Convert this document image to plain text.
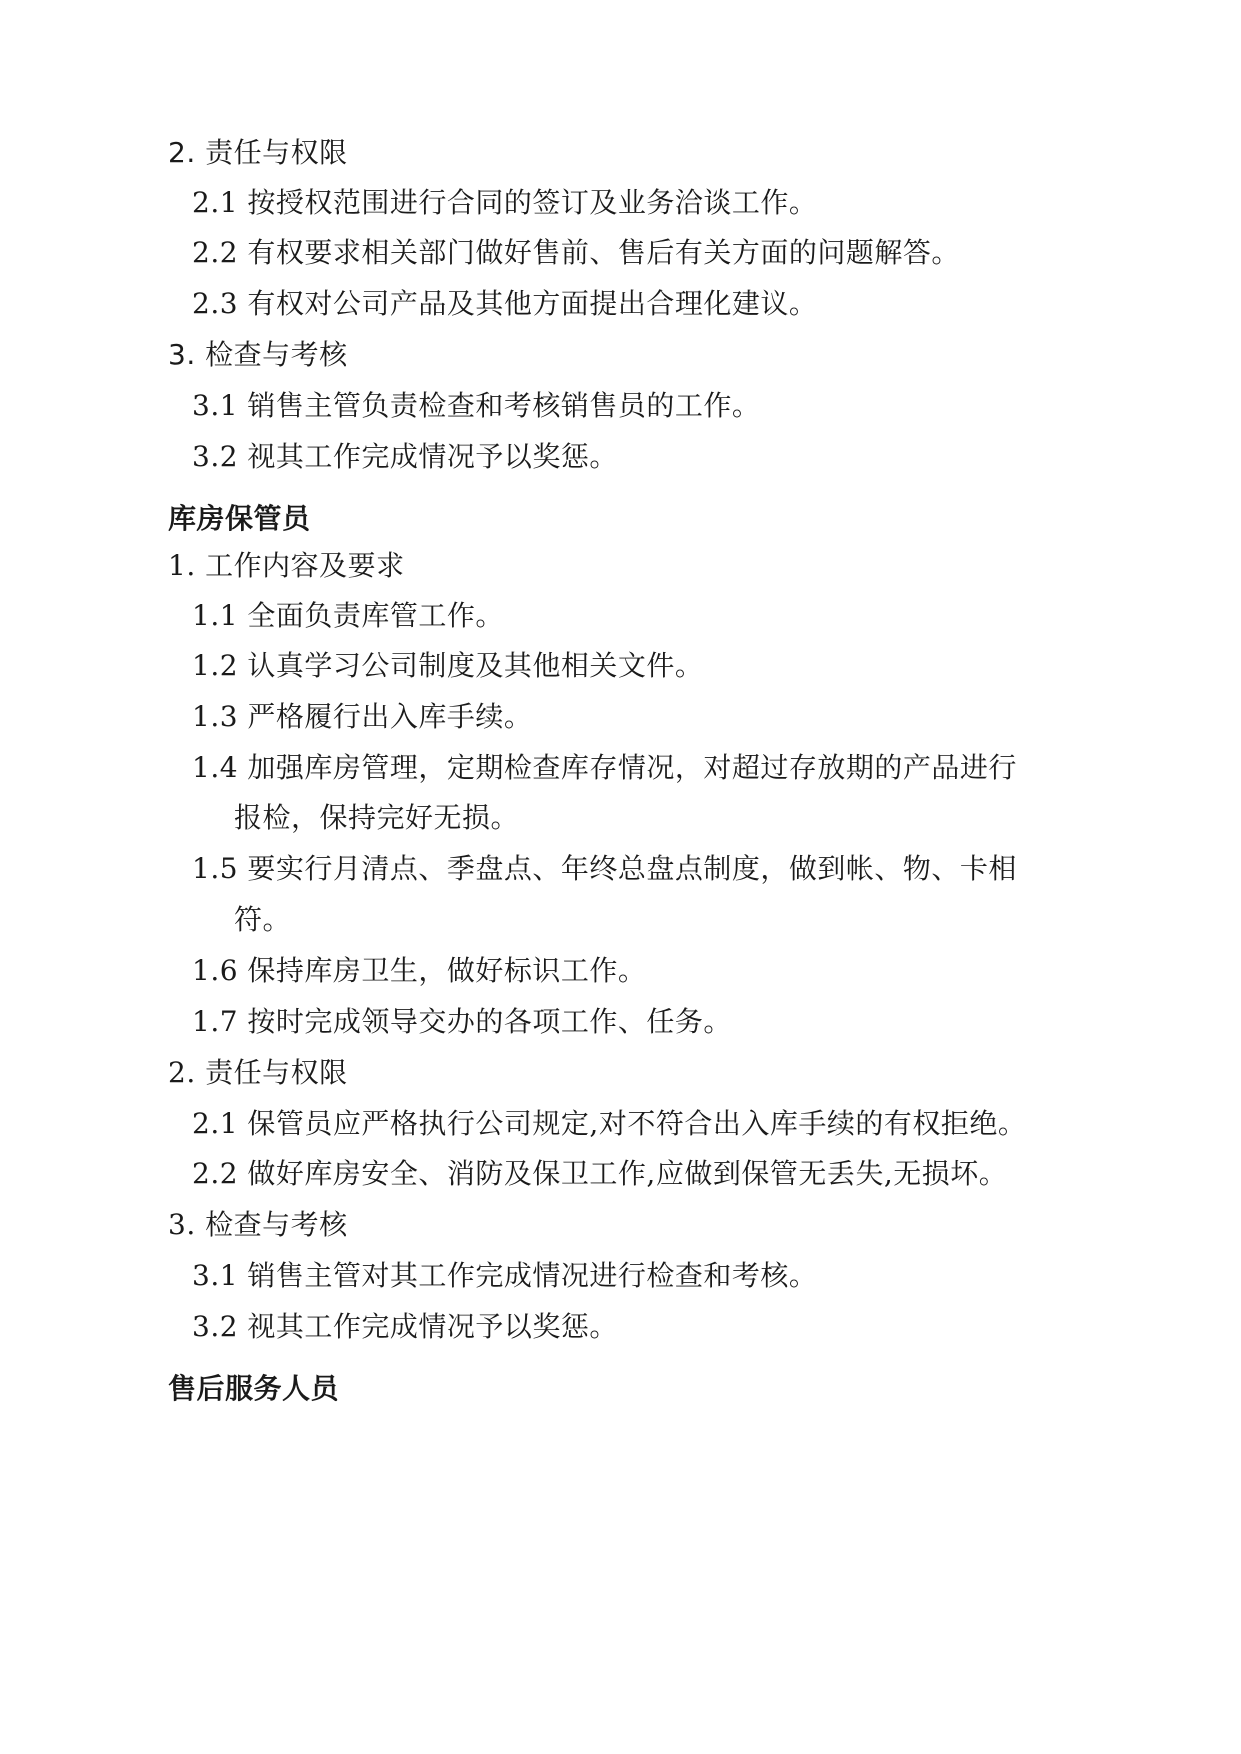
2. 责任与权限
2.1 按授权范围进行合同的签订及业务洽谈工作。
2.2 有权要求相关部门做好售前、售后有关方面的问题解答。
2.3 有权对公司产品及其他方面提出合理化建议。
3. 检查与考核
3.1 销售主管负责检查和考核销售员的工作。
3.2 视其工作完成情况予以奖惩。
库房保管员
1. 工作内容及要求
1.1 全面负责库管工作。
1.2 认真学习公司制度及其他相关文件。
1.3 严格履行出入库手续。
1.4 加强库房管理，定期检查库存情况，对超过存放期的产品进行
报检，保持完好无损。
1.5 要实行月清点、季盘点、年终总盘点制度，做到帐、物、卡相
符。
1.6 保持库房卫生，做好标识工作。
1.7 按时完成领导交办的各项工作、任务。
2. 责任与权限
2.1 保管员应严格执行公司规定,对不符合出入库手续的有权拒绝。
2.2 做好库房安全、消防及保卫工作,应做到保管无丢失,无损坏。
3. 检查与考核
3.1 销售主管对其工作完成情况进行检查和考核。
3.2 视其工作完成情况予以奖惩。
售后服务人员
